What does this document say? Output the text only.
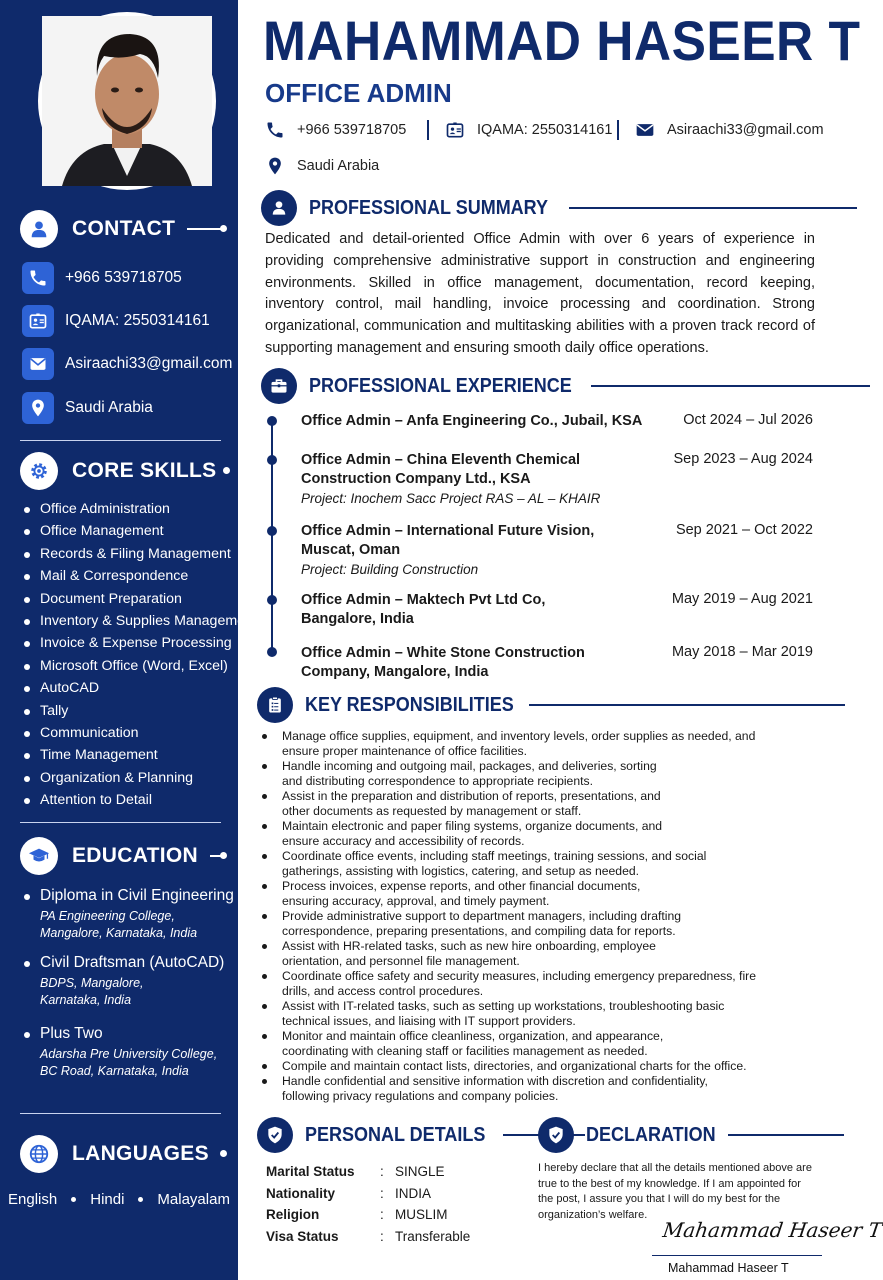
CONTACT
+966 539718705
IQAMA: 2550314161
Asiraachi33@gmail.com
Saudi Arabia
CORE SKILLS
Office Administration
Office Management
Records & Filing Management
Mail & Correspondence
Document Preparation
Inventory & Supplies Management
Invoice & Expense Processing
Microsoft Office (Word, Excel)
AutoCAD
Tally
Communication
Time Management
Organization & Planning
Attention to Detail
EDUCATION
Diploma in Civil Engineering
PA Engineering College,
Mangalore, Karnataka, India
Civil Draftsman (AutoCAD)
BDPS, Mangalore,
Karnataka, India
Plus Two
Adarsha Pre University College,
BC Road, Karnataka, India
LANGUAGES
English Hindi Malayalam
MAHAMMAD HASEER T
OFFICE ADMIN
+966 539718705	IQAMA: 2550314161	Asiraachi33@gmail.com
Saudi Arabia
PROFESSIONAL SUMMARY
Dedicated and detail-oriented Office Admin with over 6 years of experience in providing comprehensive administrative support in construction and engineering environments. Skilled in office management, documentation, record keeping, inventory control, mail handling, invoice processing and coordination. Strong organizational, communication and multitasking abilities with a proven track record of supporting management and ensuring smooth daily office operations.
PROFESSIONAL EXPERIENCE
Office Admin – Anfa Engineering Co., Jubail, KSA	Oct 2024 – Jul 2026
Office Admin – China Eleventh Chemical Construction Company Ltd., KSA
Project: Inochem Sacc Project RAS – AL – KHAIR
Sep 2023 – Aug 2024
Office Admin – International Future Vision, Muscat, Oman
Project: Building Construction
Sep 2021 – Oct 2022
Office Admin – Maktech Pvt Ltd Co, Bangalore, India
May 2019 – Aug 2021
Office Admin – White Stone Construction Company, Mangalore, India
May 2018 – Mar 2019
KEY RESPONSIBILITIES
Manage office supplies, equipment, and inventory levels, order supplies as needed, and ensure proper maintenance of office facilities.
Handle incoming and outgoing mail, packages, and deliveries, sorting and distributing correspondence to appropriate recipients.
Assist in the preparation and distribution of reports, presentations, and other documents as requested by management or staff.
Maintain electronic and paper filing systems, organize documents, and ensure accuracy and accessibility of records.
Coordinate office events, including staff meetings, training sessions, and social gatherings, assisting with logistics, catering, and setup as needed.
Process invoices, expense reports, and other financial documents, ensuring accuracy, approval, and timely payment.
Provide administrative support to department managers, including drafting correspondence, preparing presentations, and compiling data for reports.
Assist with HR-related tasks, such as new hire onboarding, employee orientation, and personnel file management.
Coordinate office safety and security measures, including emergency preparedness, fire drills, and access control procedures.
Assist with IT-related tasks, such as setting up workstations, troubleshooting basic technical issues, and liaising with IT support providers.
Monitor and maintain office cleanliness, organization, and appearance, coordinating with cleaning staff or facilities management as needed.
Compile and maintain contact lists, directories, and organizational charts for the office.
Handle confidential and sensitive information with discretion and confidentiality, following privacy regulations and company policies.
PERSONAL DETAILS
Marital Status	: SINGLE
Nationality	: INDIA
Religion	: MUSLIM
Visa Status	: Transferable
DECLARATION
I hereby declare that all the details mentioned above are true to the best of my knowledge. If I am appointed for the post, I assure you that I will do my best for the organization’s welfare.
Mahammad Haseer T
Mahammad Haseer T
